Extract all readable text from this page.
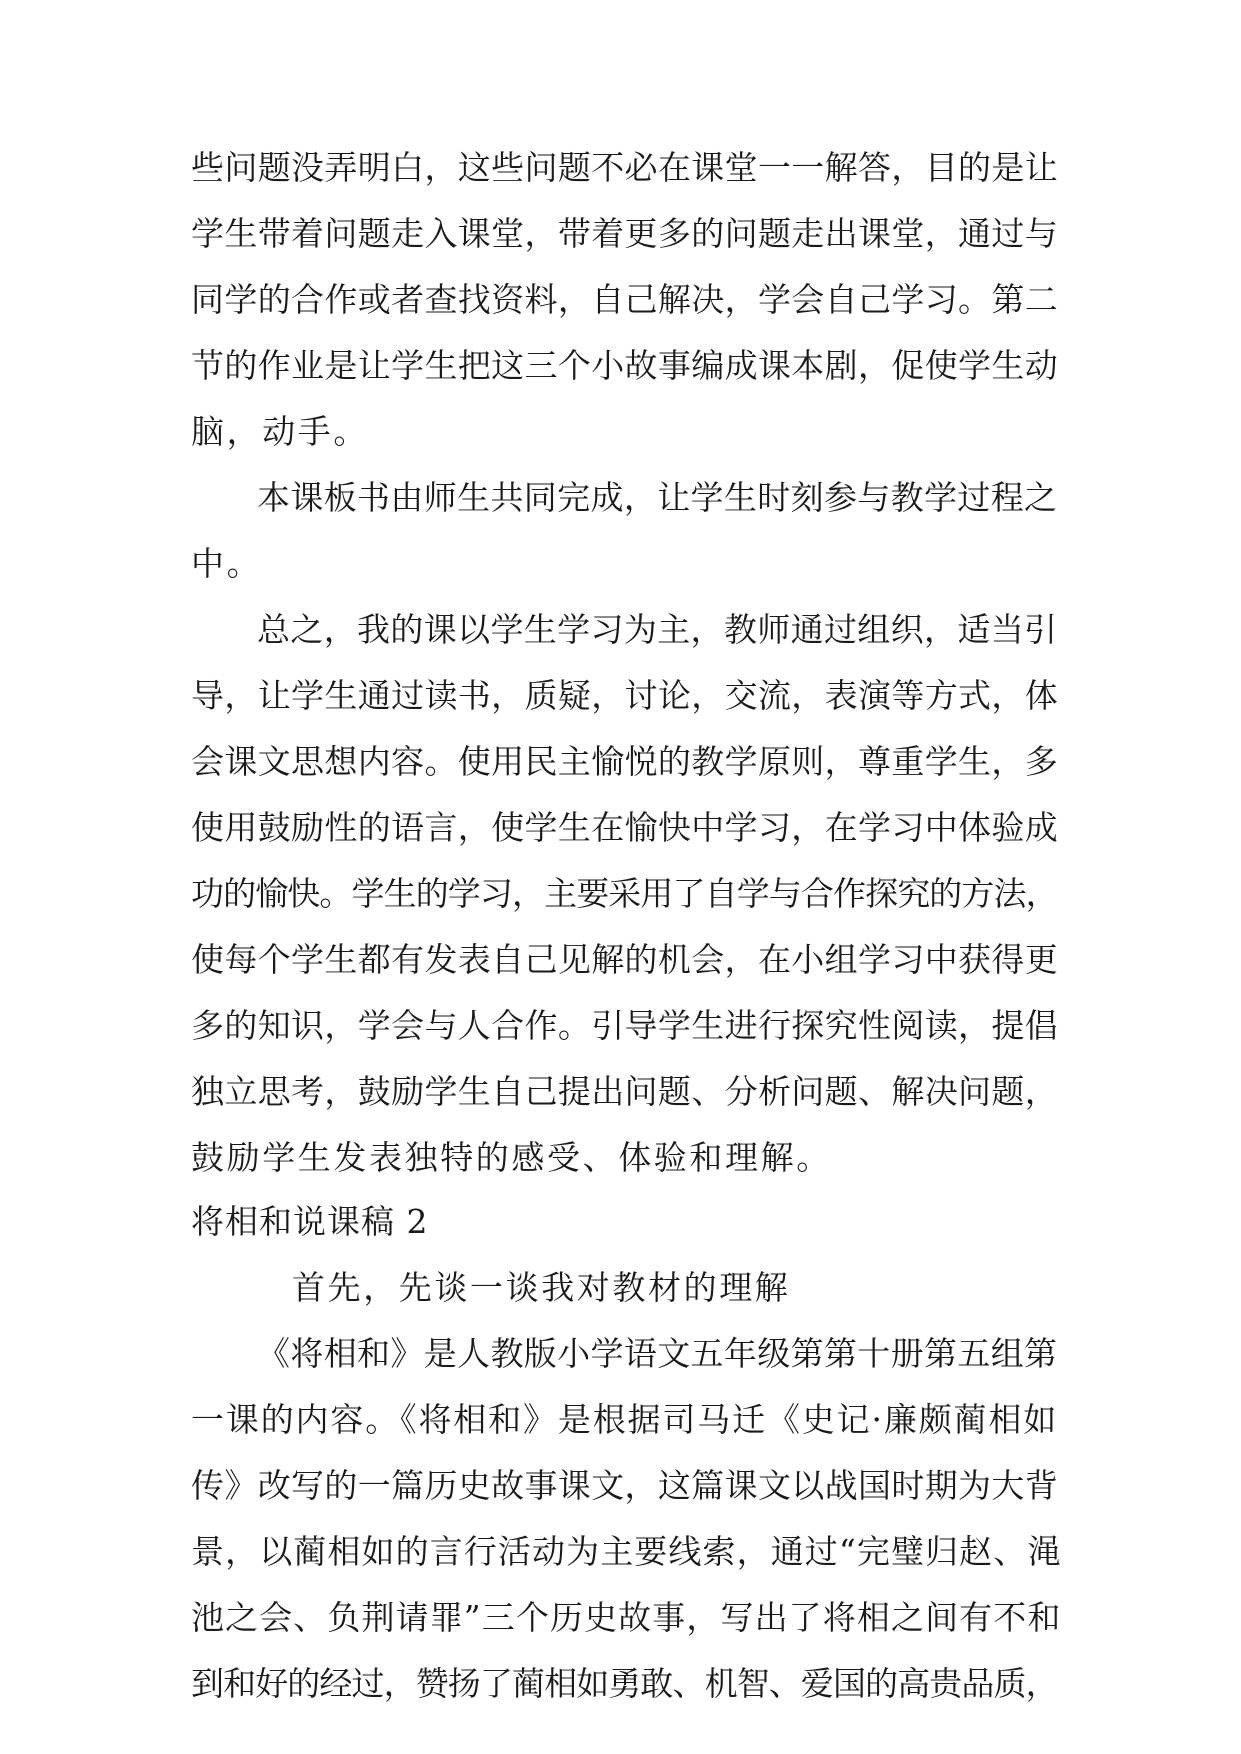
些问题没弄明白，这些问题不必在课堂一一解答，目的是让
学生带着问题走入课堂，带着更多的问题走出课堂，通过与
同学的合作或者查找资料，自己解决，学会自己学习。第二
节的作业是让学生把这三个小故事编成课本剧，促使学生动
脑，动手。
本课板书由师生共同完成，让学生时刻参与教学过程之
中。
总之，我的课以学生学习为主，教师通过组织，适当引
导，让学生通过读书，质疑，讨论，交流，表演等方式，体
会课文思想内容。使用民主愉悦的教学原则，尊重学生，多
使用鼓励性的语言，使学生在愉快中学习，在学习中体验成
功的愉快。学生的学习，主要采用了自学与合作探究的方法，
使每个学生都有发表自己见解的机会，在小组学习中获得更
多的知识，学会与人合作。引导学生进行探究性阅读，提倡
独立思考，鼓励学生自己提出问题、分析问题、解决问题，
鼓励学生发表独特的感受、体验和理解。
将相和说课稿 2
首先，先谈一谈我对教材的理解
《将相和》是人教版小学语文五年级第第十册第五组第
一课的内容。《将相和》是根据司马迁《史记·廉颇蔺相如
传》改写的一篇历史故事课文，这篇课文以战国时期为大背
景，以蔺相如的言行活动为主要线索，通过“完璧归赵、渑
池之会、负荆请罪”三个历史故事，写出了将相之间有不和
到和好的经过，赞扬了蔺相如勇敢、机智、爱国的高贵品质，
